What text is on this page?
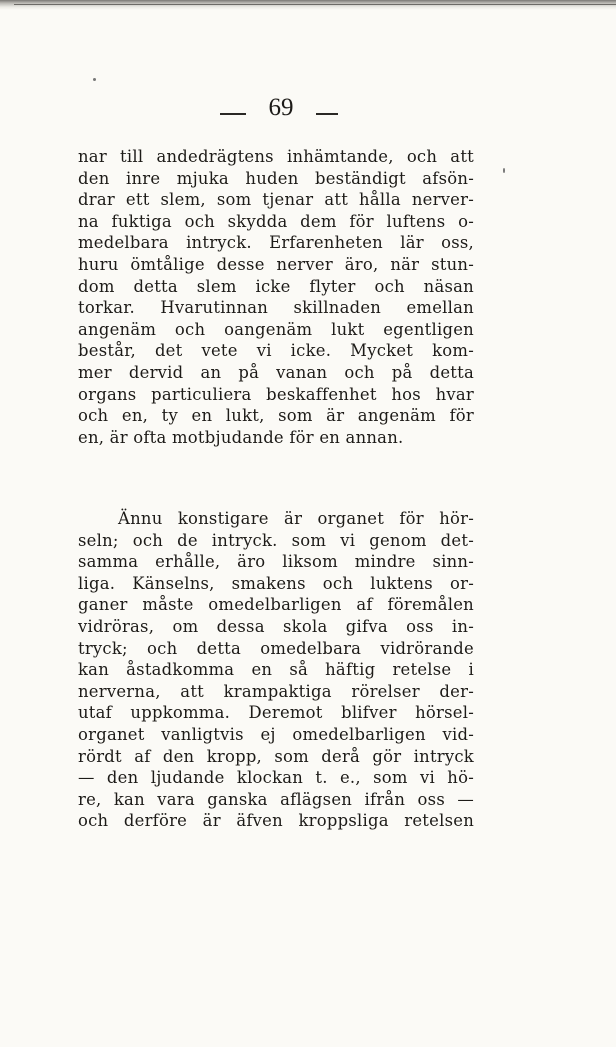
69
nar till andedrägtens inhämtande, och att
den inre mjuka huden beständigt afsön-
drar ett slem, som tjenar att hålla nerver-
na fuktiga och skydda dem för luftens o-
medelbara intryck. Erfarenheten lär oss,
huru ömtålige desse nerver äro, när stun-
dom detta slem icke flyter och näsan
torkar. Hvarutinnan skillnaden emellan
angenäm och oangenäm lukt egentligen
består, det vete vi icke. Mycket kom-
mer dervid an på vanan och på detta
organs particuliera beskaffenhet hos hvar
och en, ty en lukt, som är angenäm för
en, är ofta motbjudande för en annan.
Ännu konstigare är organet för hör-
seln; och de intryck. som vi genom det-
samma erhålle, äro liksom mindre sinn-
liga. Känselns, smakens och luktens or-
ganer måste omedelbarligen af föremålen
vidröras, om dessa skola gifva oss in-
tryck; och detta omedelbara vidrörande
kan åstadkomma en så häftig retelse i
nerverna, att krampaktiga rörelser der-
utaf uppkomma. Deremot blifver hörsel-
organet vanligtvis ej omedelbarligen vid-
rördt af den kropp, som derå gör intryck
— den ljudande klockan t. e., som vi hö-
re, kan vara ganska aflägsen ifrån oss —
och derföre är äfven kroppsliga retelsen
